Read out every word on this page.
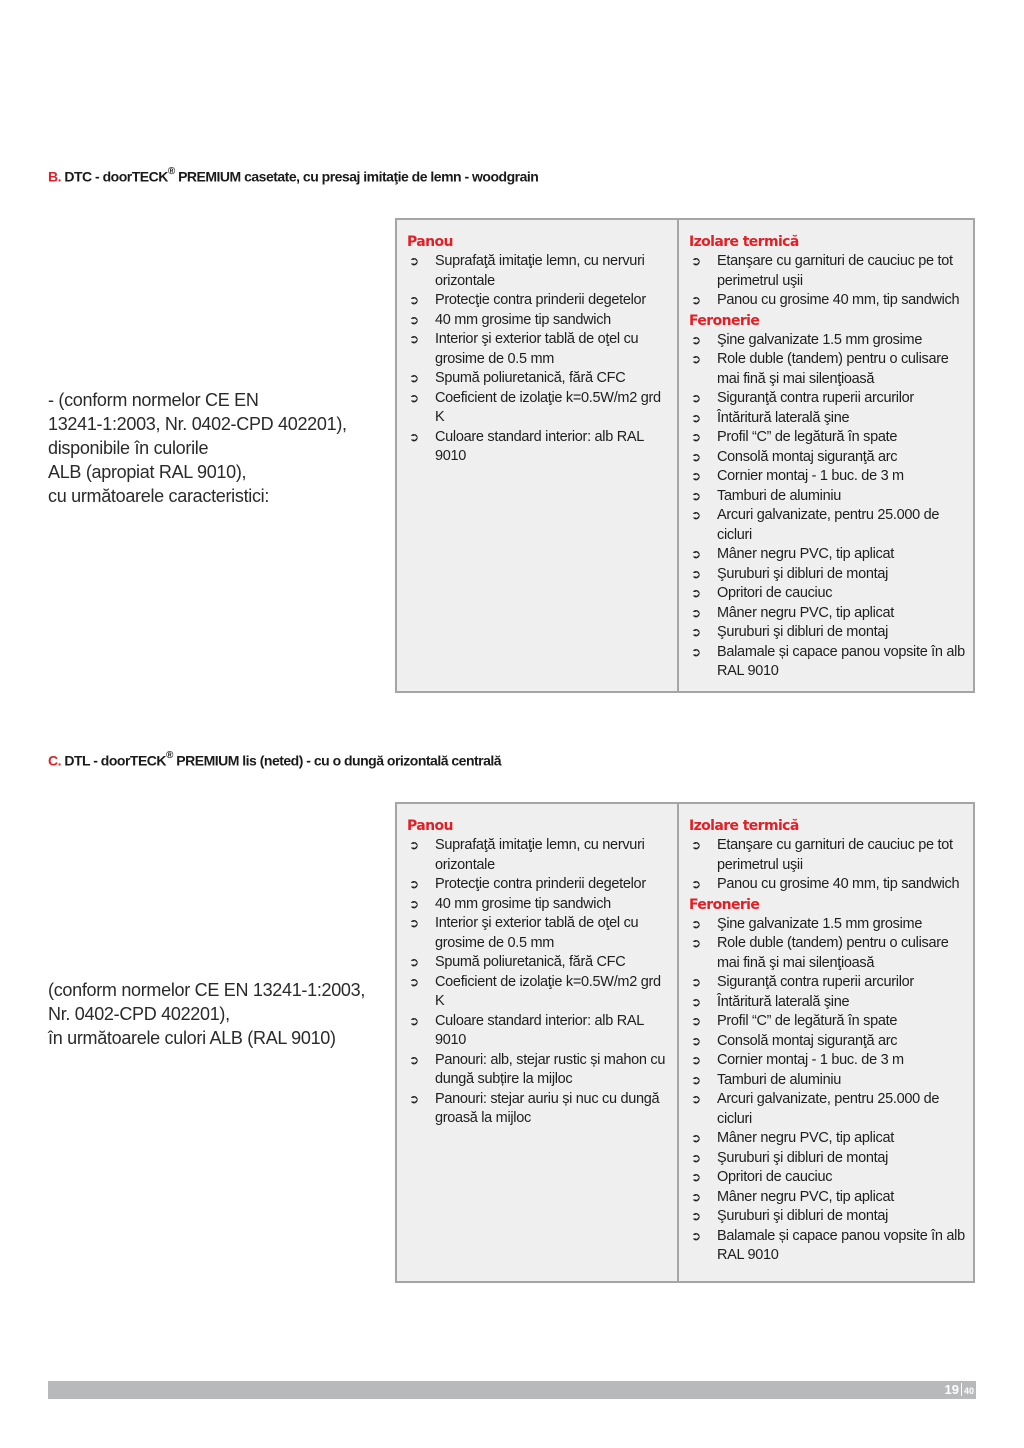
B. DTC - doorTECK® PREMIUM casetate, cu presaj imitaţie de lemn - woodgrain
- (conform normelor CE EN
13241-1:2003, Nr. 0402-CPD 402201),
disponibile în culorile
ALB (apropiat RAL 9010),
cu următoarele caracteristici:
Panou
➲ Suprafaţă imitaţie lemn, cu nervuri orizontale
➲ Protecţie contra prinderii degetelor
➲ 40 mm grosime tip sandwich
➲ Interior şi exterior tablă de oţel cu grosime de 0.5 mm
➲ Spumă poliuretanică, fără CFC
➲ Coeficient de izolaţie k=0.5W/m2 grd K
➲ Culoare standard interior: alb RAL 9010
Izolare termică
➲ Etanşare cu garnituri de cauciuc pe tot perimetrul uşii
➲ Panou cu grosime 40 mm, tip sandwich
Feronerie
➲ Şine galvanizate 1.5 mm grosime
➲ Role duble (tandem) pentru o culisare mai fină şi mai silenţioasă
➲ Siguranţă contra ruperii arcurilor
➲ Întăritură laterală şine
➲ Profil “C” de legătură în spate
➲ Consolă montaj siguranţă arc
➲ Cornier montaj - 1 buc. de 3 m
➲ Tamburi de aluminiu
➲ Arcuri galvanizate, pentru 25.000 de cicluri
➲ Mâner negru PVC, tip aplicat
➲ Şuruburi şi dibluri de montaj
➲ Opritori de cauciuc
➲ Mâner negru PVC, tip aplicat
➲ Şuruburi şi dibluri de montaj
➲ Balamale și capace panou vopsite în alb RAL 9010
C. DTL - doorTECK® PREMIUM lis (neted) - cu o dungă orizontală centrală
(conform normelor CE EN 13241-1:2003,
Nr. 0402-CPD 402201),
în următoarele culori ALB (RAL 9010)
Panou
➲ Suprafaţă imitaţie lemn, cu nervuri orizontale
➲ Protecţie contra prinderii degetelor
➲ 40 mm grosime tip sandwich
➲ Interior şi exterior tablă de oţel cu grosime de 0.5 mm
➲ Spumă poliuretanică, fără CFC
➲ Coeficient de izolaţie k=0.5W/m2 grd K
➲ Culoare standard interior: alb RAL 9010
➲ Panouri: alb, stejar rustic și mahon cu dungă subțire la mijloc
➲ Panouri: stejar auriu și nuc cu dungă groasă la mijloc
Izolare termică
➲ Etanşare cu garnituri de cauciuc pe tot perimetrul uşii
➲ Panou cu grosime 40 mm, tip sandwich
Feronerie
➲ Şine galvanizate 1.5 mm grosime
➲ Role duble (tandem) pentru o culisare mai fină şi mai silenţioasă
➲ Siguranţă contra ruperii arcurilor
➲ Întăritură laterală şine
➲ Profil “C” de legătură în spate
➲ Consolă montaj siguranţă arc
➲ Cornier montaj - 1 buc. de 3 m
➲ Tamburi de aluminiu
➲ Arcuri galvanizate, pentru 25.000 de cicluri
➲ Mâner negru PVC, tip aplicat
➲ Şuruburi şi dibluri de montaj
➲ Opritori de cauciuc
➲ Mâner negru PVC, tip aplicat
➲ Şuruburi şi dibluri de montaj
➲ Balamale și capace panou vopsite în alb RAL 9010
19 40
